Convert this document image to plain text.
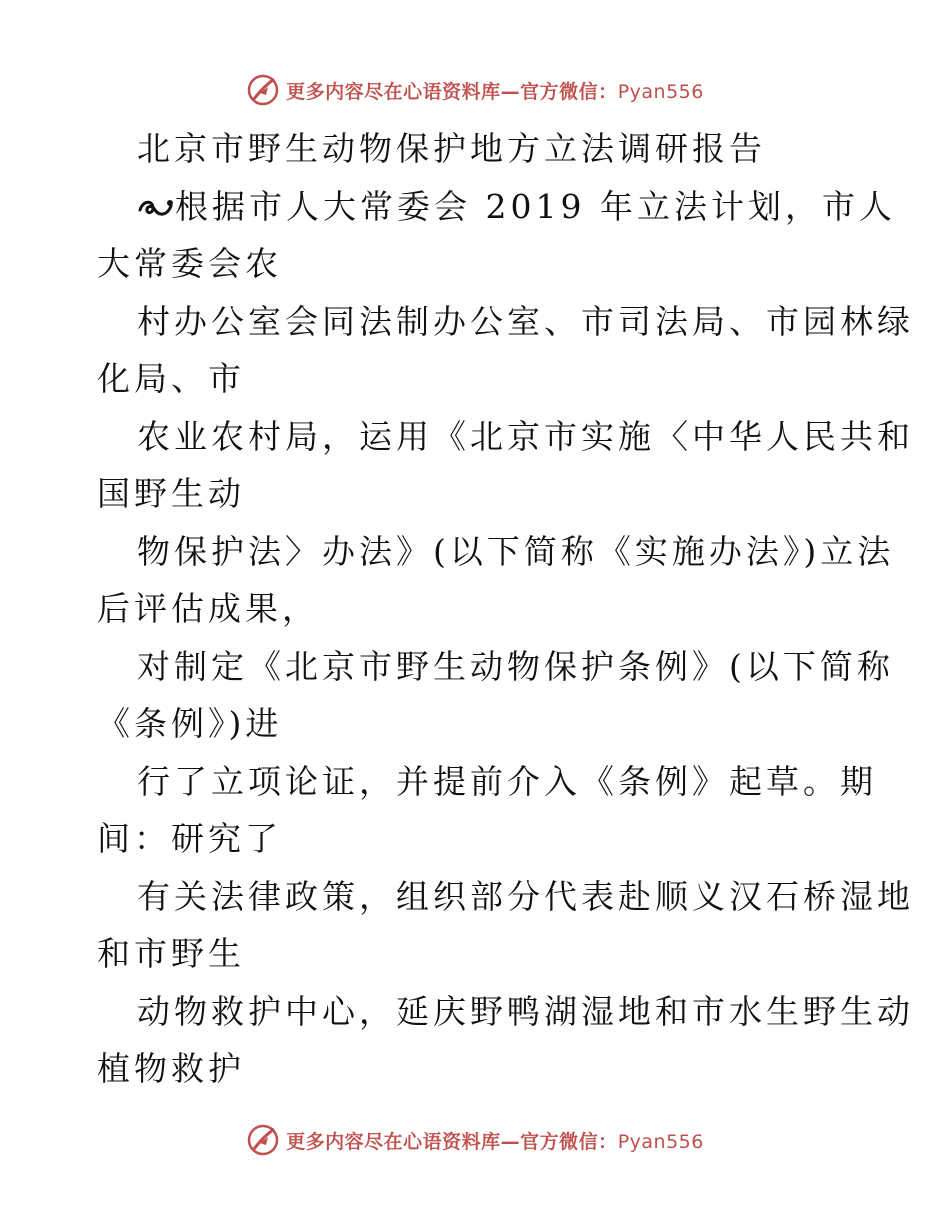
更多内容尽在心语资料库—官方微信：Pyan556
北京市野生动物保护地方立法调研报告
根据市人大常委会 2019 年立法计划，市人
大常委会农
村办公室会同法制办公室、市司法局、市园林绿
化局、市
农业农村局，运用《北京市实施〈中华人民共和
国野生动
物保护法〉办法》(以下简称《实施办法》)立法
后评估成果，
对制定《北京市野生动物保护条例》(以下简称
《条例》)进
行了立项论证，并提前介入《条例》起草。期
间：研究了
有关法律政策，组织部分代表赴顺义汉石桥湿地
和市野生
动物救护中心，延庆野鸭湖湿地和市水生野生动
植物救护
更多内容尽在心语资料库—官方微信：Pyan556
